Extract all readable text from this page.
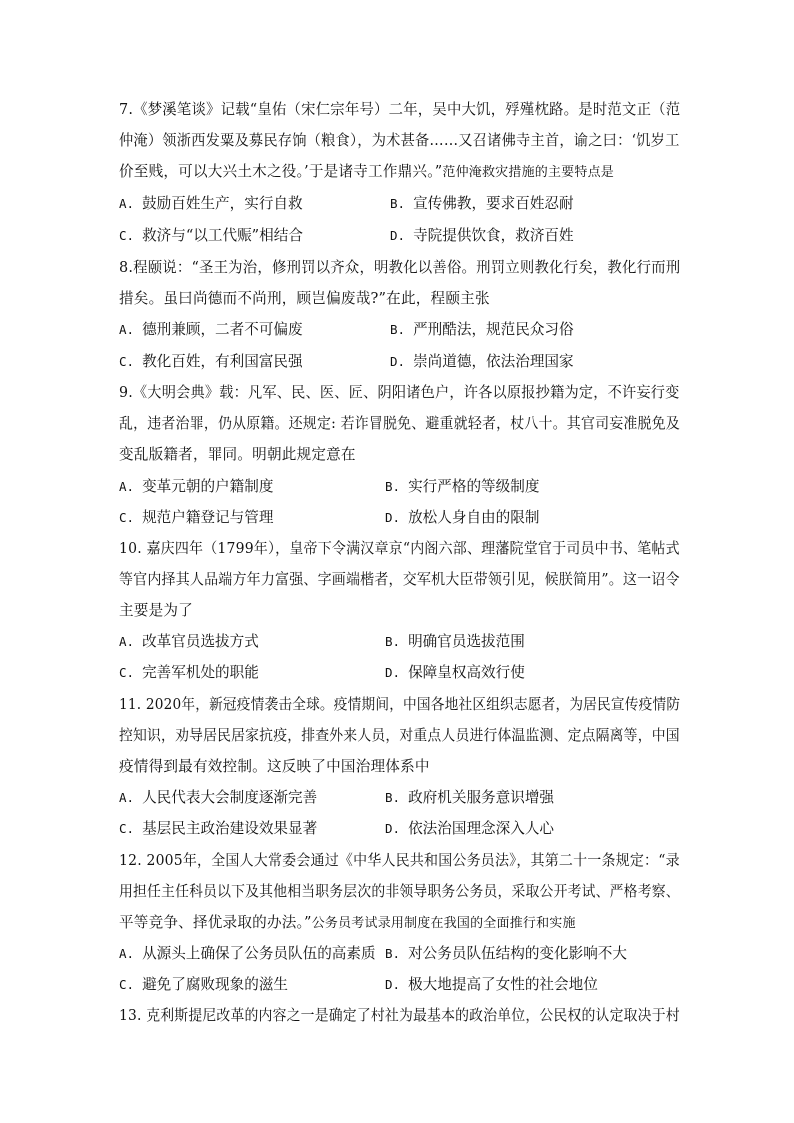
7.《梦溪笔谈》记载“皇佑（宋仁宗年号）二年，吴中大饥，殍殣枕路。是时范文正（范
仲淹）领浙西发粟及募民存饷（粮食），为术甚备……又召诸佛寺主首，谕之曰：‘饥岁工
价至贱，可以大兴土木之役。’于是诸寺工作鼎兴。”范仲淹救灾措施的主要特点是
A. 鼓励百姓生产，实行自救	B. 宣传佛教，要求百姓忍耐
C. 救济与“以工代赈”相结合	D. 寺院提供饮食，救济百姓
8.程颐说：“圣王为治，修刑罚以齐众，明教化以善俗。刑罚立则教化行矣，教化行而刑
措矣。虽曰尚德而不尚刑，顾岂偏废哉?”在此，程颐主张
A. 德刑兼顾，二者不可偏废	B. 严刑酷法，规范民众习俗
C. 教化百姓，有利国富民强	D. 崇尚道德，依法治理国家
9.《大明会典》载：凡军、民、医、匠、阴阳诸色户，许各以原报抄籍为定，不许妄行变
乱，违者治罪，仍从原籍。还规定: 若诈冒脱免、避重就轻者，杖八十。其官司妄准脱免及
变乱版籍者，罪同。明朝此规定意在
A. 变革元朝的户籍制度	B. 实行严格的等级制度
C. 规范户籍登记与管理	D. 放松人身自由的限制
10. 嘉庆四年（1799年），皇帝下令满汉章京“内阁六部、理藩院堂官于司员中书、笔帖式
等官内择其人品端方年力富强、字画端楷者，交军机大臣带领引见，候朕简用”。这一诏令
主要是为了
A. 改革官员选拔方式	B. 明确官员选拔范围
C. 完善军机处的职能	D. 保障皇权高效行使
11. 2020年，新冠疫情袭击全球。疫情期间，中国各地社区组织志愿者，为居民宣传疫情防
控知识，劝导居民居家抗疫，排查外来人员，对重点人员进行体温监测、定点隔离等，中国
疫情得到最有效控制。这反映了中国治理体系中
A. 人民代表大会制度逐渐完善	B. 政府机关服务意识增强
C. 基层民主政治建设效果显著	D. 依法治国理念深入人心
12. 2005年，全国人大常委会通过《中华人民共和国公务员法》，其第二十一条规定：“录
用担任主任科员以下及其他相当职务层次的非领导职务公务员，采取公开考试、严格考察、
平等竞争、择优录取的办法。”公务员考试录用制度在我国的全面推行和实施
A. 从源头上确保了公务员队伍的高素质 B. 对公务员队伍结构的变化影响不大
C. 避免了腐败现象的滋生	D. 极大地提高了女性的社会地位
13. 克利斯提尼改革的内容之一是确定了村社为最基本的政治单位，公民权的认定取决于村
